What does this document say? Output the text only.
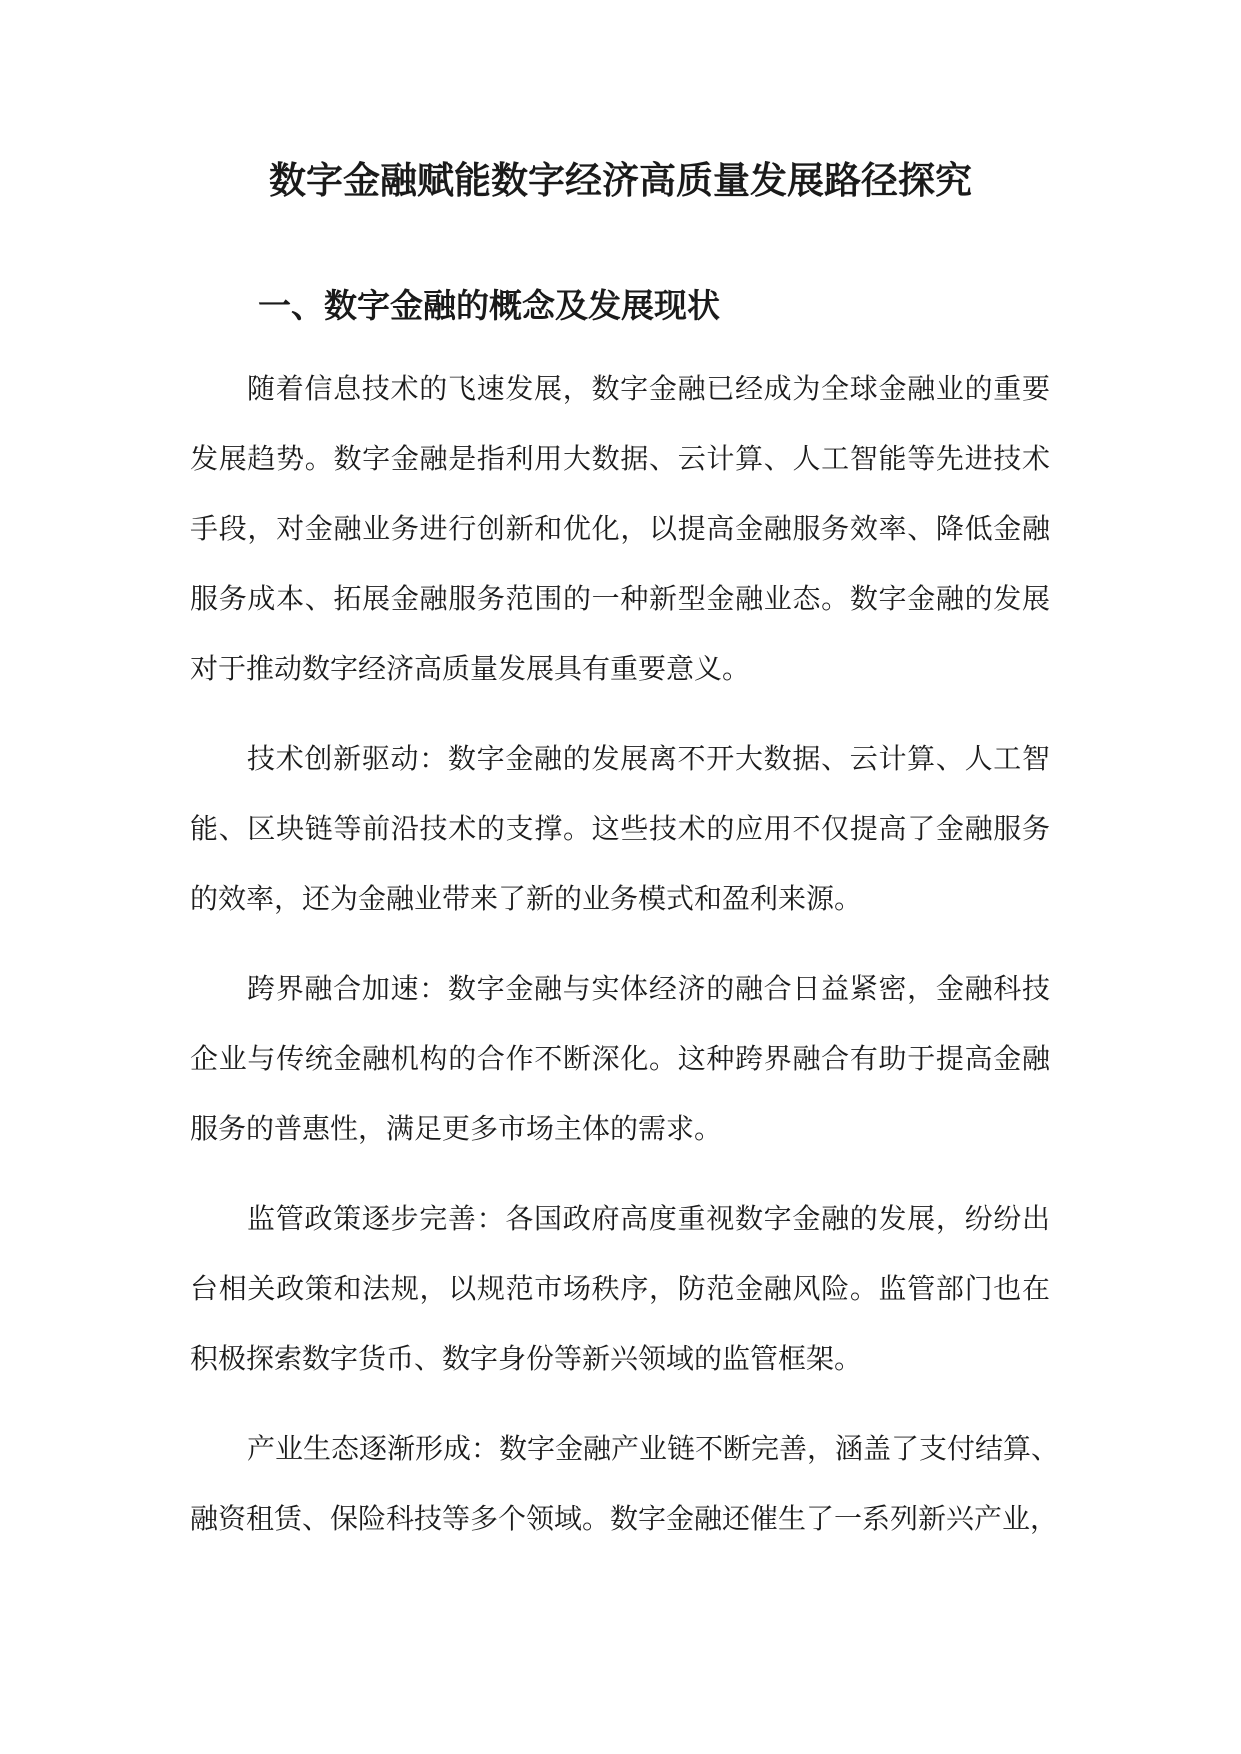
数字金融赋能数字经济高质量发展路径探究
一、数字金融的概念及发展现状

随着信息技术的飞速发展，数字金融已经成为全球金融业的重要

发展趋势。数字金融是指利用大数据、云计算、人工智能等先进技术

手段，对金融业务进行创新和优化，以提高金融服务效率、降低金融

服务成本、拓展金融服务范围的一种新型金融业态。数字金融的发展

对于推动数字经济高质量发展具有重要意义。

技术创新驱动：数字金融的发展离不开大数据、云计算、人工智

能、区块链等前沿技术的支撑。这些技术的应用不仅提高了金融服务

的效率，还为金融业带来了新的业务模式和盈利来源。

跨界融合加速：数字金融与实体经济的融合日益紧密，金融科技

企业与传统金融机构的合作不断深化。这种跨界融合有助于提高金融

服务的普惠性，满足更多市场主体的需求。

监管政策逐步完善：各国政府高度重视数字金融的发展，纷纷出

台相关政策和法规，以规范市场秩序，防范金融风险。监管部门也在

积极探索数字货币、数字身份等新兴领域的监管框架。

产业生态逐渐形成：数字金融产业链不断完善，涵盖了支付结算、

融资租赁、保险科技等多个领域。数字金融还催生了一系列新兴产业，
